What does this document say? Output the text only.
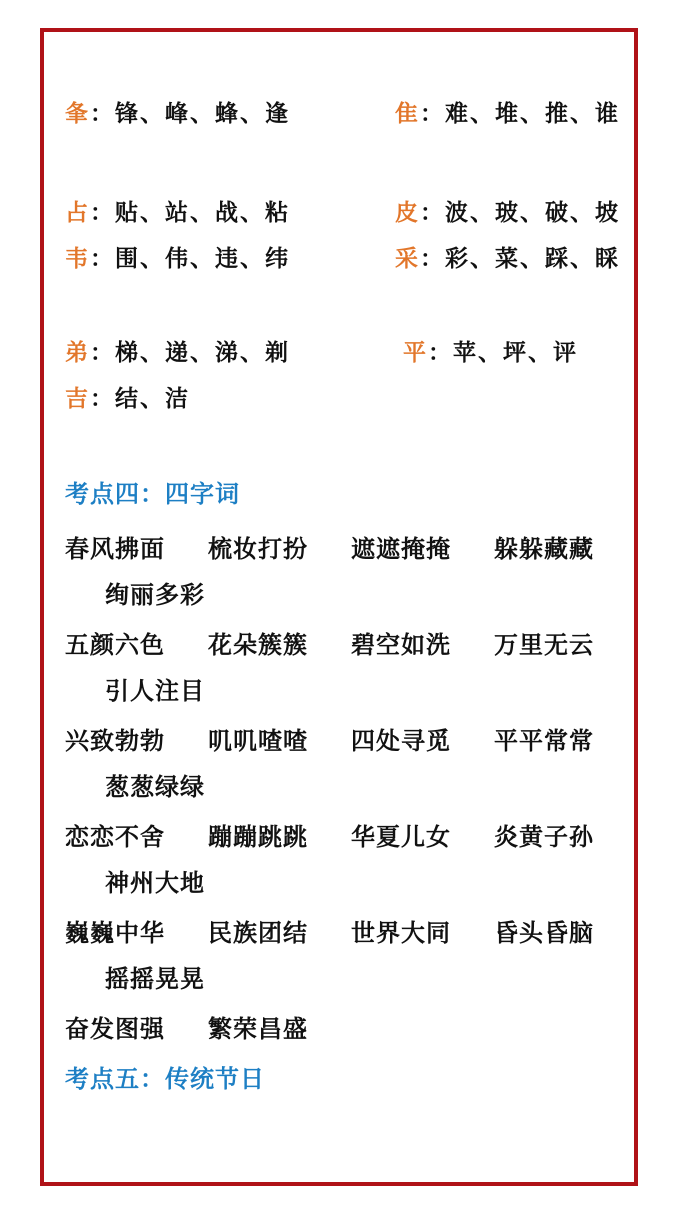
夆：锋、峰、蜂、逢	隹：难、堆、推、谁
占：贴、站、战、粘	皮：波、玻、破、坡
韦：围、伟、违、纬	采：彩、菜、踩、睬
弟：梯、递、涕、剃	平：苹、坪、评
吉：结、洁
考点四：四字词
春风拂面 梳妆打扮 遮遮掩掩 躲躲藏藏
绚丽多彩
五颜六色 花朵簇簇 碧空如洗 万里无云
引人注目
兴致勃勃 叽叽喳喳 四处寻觅 平平常常
葱葱绿绿
恋恋不舍 蹦蹦跳跳 华夏儿女 炎黄子孙
神州大地
巍巍中华 民族团结 世界大同 昏头昏脑
摇摇晃晃
奋发图强 繁荣昌盛
考点五：传统节日
